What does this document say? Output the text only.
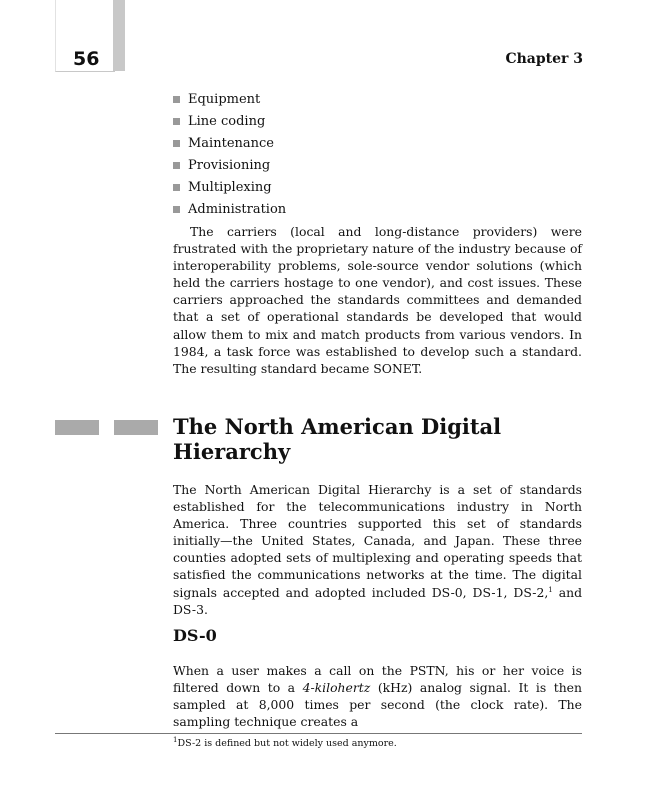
56	Chapter 3
Equipment
Line coding
Maintenance
Provisioning
Multiplexing
Administration

The carriers (local and long-distance providers) were frustrated with the proprietary nature of the industry because of interoperability problems, sole-source vendor solutions (which held the carriers hostage to one vendor), and cost issues. These carriers approached the standards committees and demanded that a set of operational standards be developed that would allow them to mix and match products from various vendors. In 1984, a task force was established to develop such a standard. The resulting standard became SONET.

The North American Digital Hierarchy

The North American Digital Hierarchy is a set of standards established for the telecommunications industry in North America. Three countries supported this set of standards initially—the United States, Canada, and Japan. These three counties adopted sets of multiplexing and operating speeds that satisfied the communications networks at the time. The digital signals accepted and adopted included DS-0, DS-1, DS-2,$^1$ and DS-3.

DS-0

When a user makes a call on the PSTN, his or her voice is filtered down to a 4-kilohertz (kHz) analog signal. It is then sampled at 8,000 times per second (the clock rate). The sampling technique creates a

$^1$DS-2 is defined but not widely used anymore.
